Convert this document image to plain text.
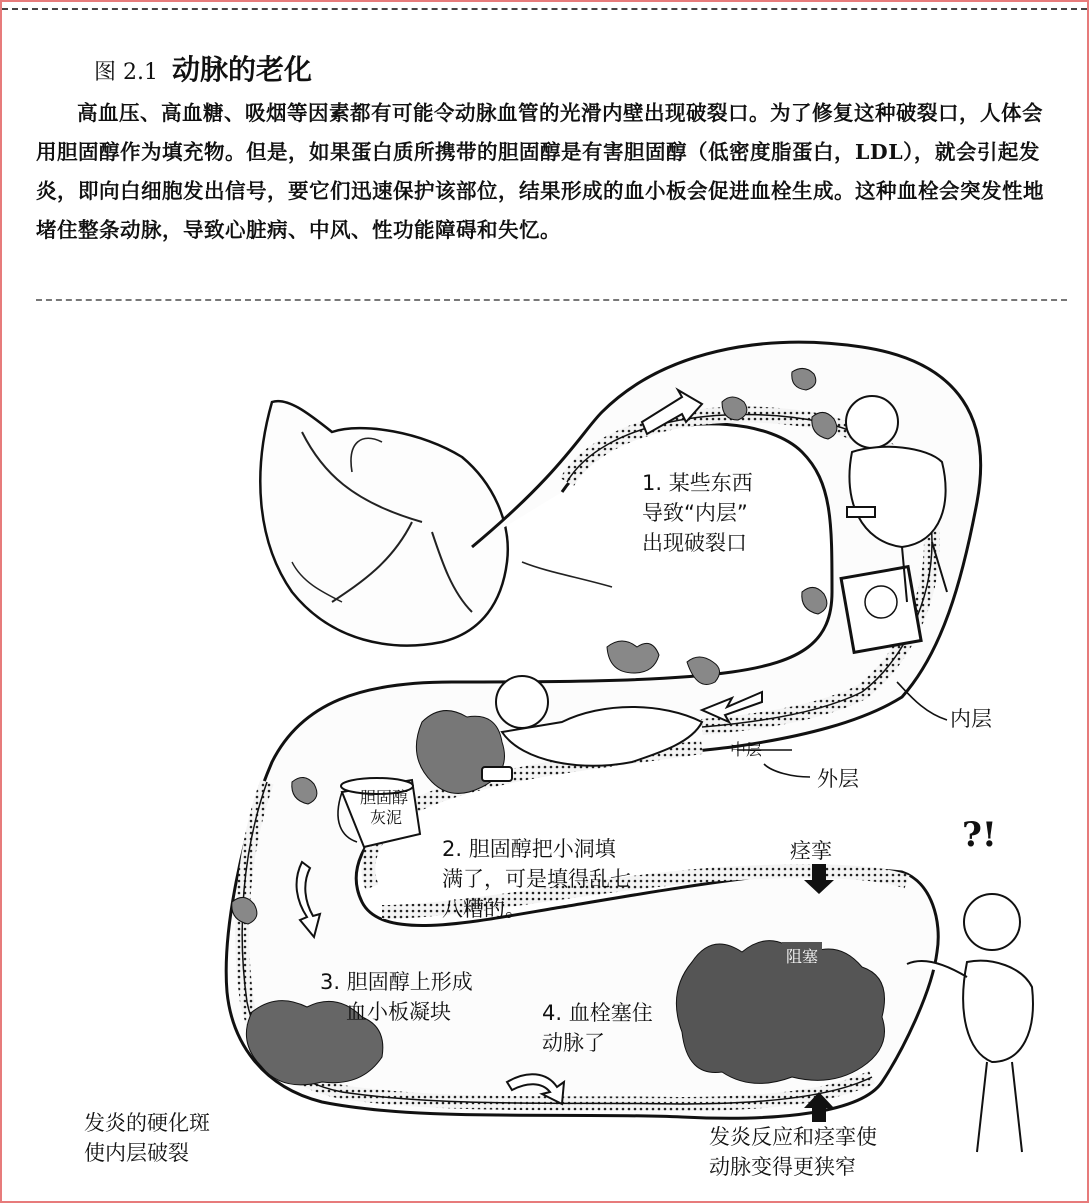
图 2.1 动脉的老化
高血压、高血糖、吸烟等因素都有可能令动脉血管的光滑内壁出现破裂口。为了修复这种破裂口，人体会用胆固醇作为填充物。但是，如果蛋白质所携带的胆固醇是有害胆固醇（低密度脂蛋白，LDL），就会引起发炎，即向白细胞发出信号，要它们迅速保护该部位，结果形成的血小板会促进血栓生成。这种血栓会突发性地堵住整条动脉，导致心脏病、中风、性功能障碍和失忆。
1. 某些东西
导致“内层”
出现破裂口
内层
中层
外层
胆固醇
灰泥
2. 胆固醇把小洞填
满了，可是填得乱七
八糟的。
痉挛	?!
阻塞
3. 胆固醇上形成
血小板凝块	4. 血栓塞住
动脉了
发炎的硬化斑
使内层破裂
发炎反应和痉挛使
动脉变得更狭窄
